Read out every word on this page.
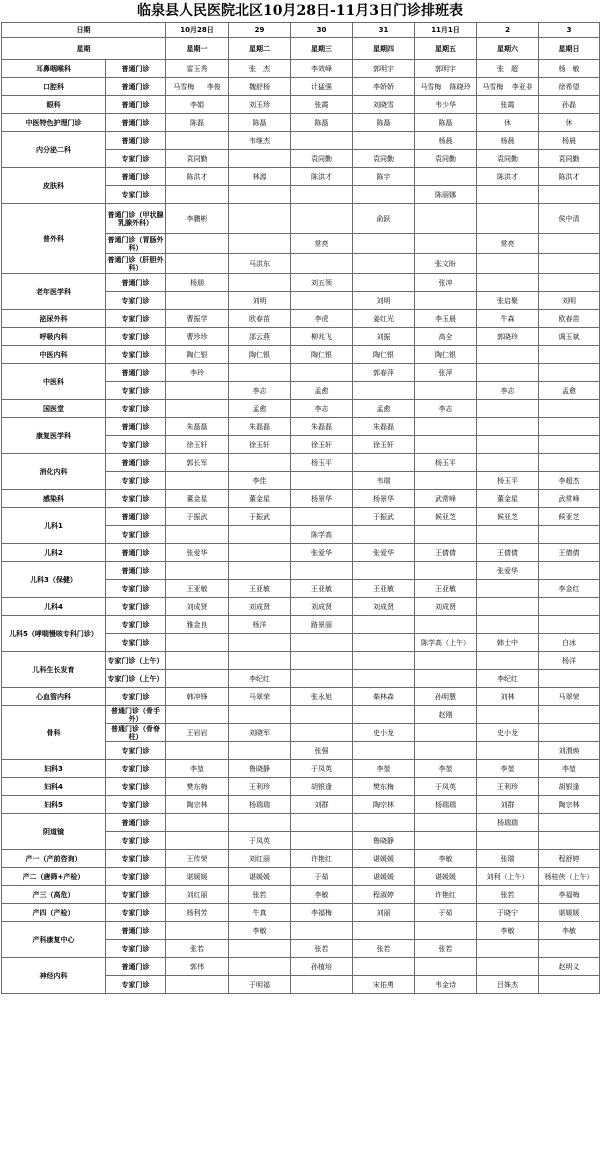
临泉县人民医院北区10月28日-11月3日门诊排班表
日期		10月28日	29	30	31	11月1日	2	3
星期		星期一	星期二	星期三	星期四	星期五	星期六	星期日
耳鼻咽喉科	普通门诊	雷玉秀	张　杰	李效峰	郭明宇	郭明宇	张　超	杨　敏
口腔科	普通门诊	马雪梅 李俊	魏舒杨	计猛强	李娇娇	马雪梅 陈晓玲	马雪梅 李亚非	徐希望
眼科	普通门诊	李娟	刘玉珍	张霞	刘晓雪	韦少华	张霞	孙磊
中医特色护理门诊	普通门诊	陈磊	陈磊	陈磊	陈磊	陈磊	休	休
内分泌二科	普通门诊		韦继杰			杨晨	杨晨	杨晨
	专家门诊	袁同勤		袁同勤	袁同勤	袁同勤	袁同勤	袁同勤
皮肤科	普通门诊	陈洪才	林源	陈洪才	陈宇		陈洪才	陈洪才
	专家门诊					陈丽娜		
普外科	普通门诊（甲状腺乳腺外科）	李鹏彬			俞跃			侯中清
	普通门诊（胃肠外科）			常亮			常亮	
	普通门诊（肝胆外科）		马洪东			张文盼		
老年医学科	普通门诊	杨朋		刘五领		张冲		
	专家门诊		刘明		刘明		张启聚	刘明
泌尿外科	专家门诊	曹振学	欧春苗	李虎	姜红光	李玉晨	牛森	欧春苗
呼吸内科	专家门诊	曹珍珍	邵云燕	柳兆飞	刘振	高全	郭晓玲	调玉斌
中医内科	专家门诊	陶仁银	陶仁银	陶仁银	陶仁银	陶仁银		
中医科	普通门诊	李玲			郭春萍	张萍		
	专家门诊		李志	孟愈			李志	孟愈
国医堂	专家门诊		孟愈	李志	孟愈	李志		
康复医学科	普通门诊	朱磊磊	朱磊磊	朱磊磊	朱磊磊			
	专家门诊	徐玉轩	徐玉轩	徐玉轩	徐玉轩			
消化内科	普通门诊	郭长军		杨玉平		杨玉平		
	专家门诊		李佳		韦瑞		杨玉平	李超杰
感染科	专家门诊	董金星	董金星	杨景华	杨景华	武常峰	董金星	武常峰
儿科1	普通门诊	于振武	于振武		于振武	候亚芝	候亚芝	候亚芝
	专家门诊			陈学高				
儿科2	普通门诊	张爱华		张爱华	张爱华	王倩倩	王倩倩	王倩倩
儿科3（保健）	普通门诊						张爱华	
	专家门诊	王亚敏	王亚敏	王亚敏	王亚敏	王亚敏		李金红
儿科4	专家门诊	刘成贤	刘成贤	刘成贤	刘成贤	刘成贤		
儿科5（哮喘慢咳专科门诊）	专家门诊	雅金良	杨洋	路景丽				
	专家门诊					陈学高（上午）	韩士中	白冰
儿科生长发育	专家门诊（上午）							杨洋
	专家门诊（上午）		李纪红				李纪红	
心血管内科	专家门诊	韩冲锋	马翠荣	张永旭	柴林森	孙明慧	刘林	马翠荣
骨科	普通门诊（骨手外）					赵刚		
	普通门诊（骨脊柱）	王岩岩	刘晓军		史小龙		史小龙	
	专家门诊			张强				刘渭焕
妇科3	专家门诊	李堃	鲁晓静	于凤英	李堃	李堃	李堃	李堃
妇科4	专家门诊	樊东梅	王利珍	胡银逢	樊东梅	于凤英	王利珍	胡银逢
妇科5	专家门诊	陶宗林	杨瑞瑞	刘群	陶宗林	杨瑞瑞	刘群	陶宗林
阴道镜	普通门诊						杨瑞瑞	
	专家门诊		于凤英		鲁晓静			
产一（产前咨询）	专家门诊	王传荣	刘红丽	许艳红	谌媛媛	李敏	张瑞	程舒婷
产二（唐筛+产检）	专家门诊	谌媛媛	谌媛媛	于茹	谌媛媛	谌媛媛	刘利（上午）	杨桂侠（上午）
产三（高危）	专家门诊	刘红丽	张若	李敏	程淑婷	许艳红	张若	李福梅
产四（产检）	专家门诊	杨利芳	牛真	李福梅	刘丽	于茹	于晓宁	谌媛媛
产科康复中心	普通门诊		李敏				李敏	李敏
	专家门诊	张若		张若	张若	张若		
神经内科	普通门诊	郭伟		孙植培				赵明义
	专家门诊		于明福		宋佑勇	韦金诗	吕姝杰	
